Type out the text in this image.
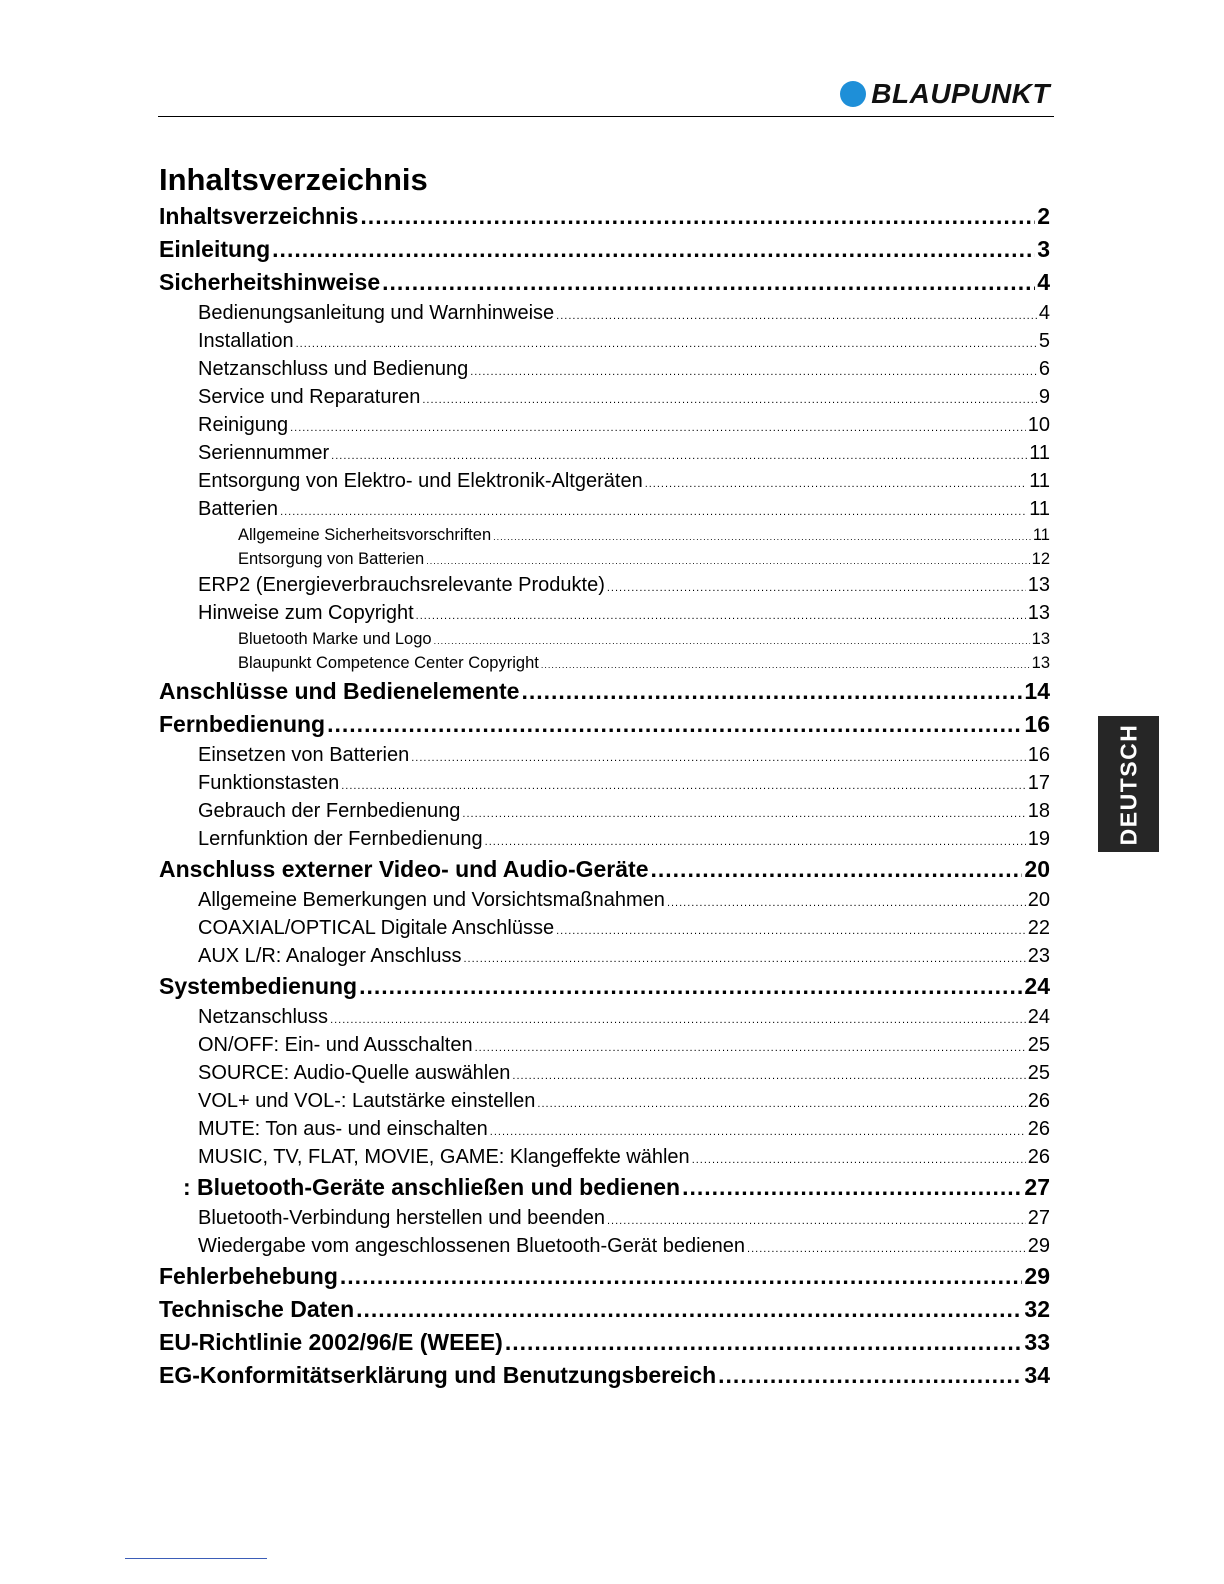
BLAUPUNKT
Inhaltsverzeichnis
Inhaltsverzeichnis .....	2
Einleitung .....	3
Sicherheitshinweise .....	4
Bedienungsanleitung und Warnhinweise .....	4
Installation .....	5
Netzanschluss und Bedienung .....	6
Service und Reparaturen .....	9
Reinigung .....	10
Seriennummer .....	11
Entsorgung von Elektro- und Elektronik-Altgeräten .....	11
Batterien .....	11
Allgemeine Sicherheitsvorschriften .....	11
Entsorgung von Batterien .....	12
ERP2 (Energieverbrauchsrelevante Produkte) .....	13
Hinweise zum Copyright .....	13
Bluetooth Marke und Logo .....	13
Blaupunkt Competence Center Copyright .....	13
Anschlüsse und Bedienelemente .....	14
Fernbedienung .....	16
Einsetzen von Batterien .....	16
Funktionstasten .....	17
Gebrauch der Fernbedienung .....	18
Lernfunktion der Fernbedienung .....	19
Anschluss externer Video- und Audio-Geräte .....	20
Allgemeine Bemerkungen und Vorsichtsmaßnahmen .....	20
COAXIAL/OPTICAL Digitale Anschlüsse .....	22
AUX L/R: Analoger Anschluss .....	23
Systembedienung .....	24
Netzanschluss .....	24
ON/OFF: Ein- und Ausschalten .....	25
SOURCE: Audio-Quelle auswählen .....	25
VOL+ und VOL-: Lautstärke einstellen .....	26
MUTE: Ton aus- und einschalten .....	26
MUSIC, TV, FLAT, MOVIE, GAME: Klangeffekte wählen .....	26
: Bluetooth-Geräte anschließen und bedienen .....	27
Bluetooth-Verbindung herstellen und beenden .....	27
Wiedergabe vom angeschlossenen Bluetooth-Gerät bedienen .....	29
Fehlerbehebung .....	29
Technische Daten .....	32
EU-Richtlinie 2002/96/E (WEEE) .....	33
EG-Konformitätserklärung und Benutzungsbereich .....	34
DEUTSCH
